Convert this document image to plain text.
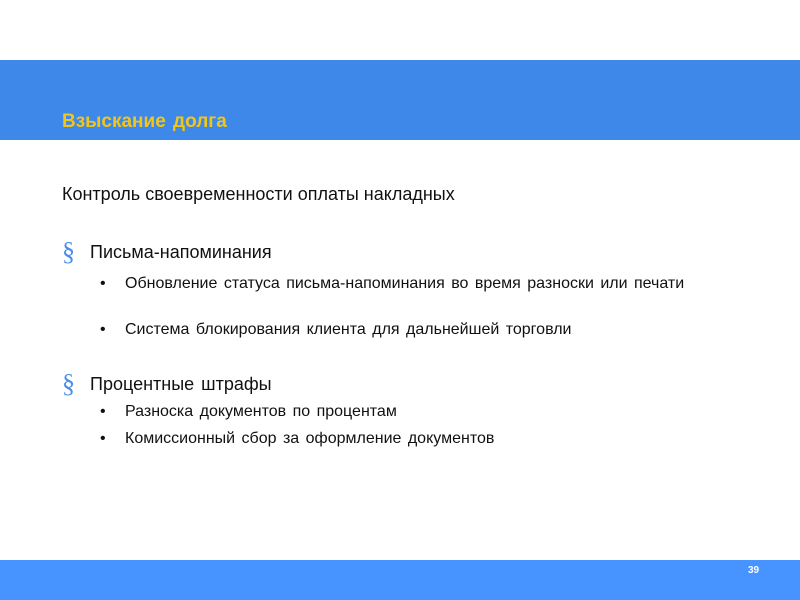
Взыскание долга
Контроль своевременности оплаты накладных
§ Письма-напоминания
• Обновление статуса письма-напоминания во время разноски или печати
• Система блокирования клиента для дальнейшей торговли
§ Процентные штрафы
• Разноска документов по процентам
• Комиссионный сбор за оформление документов
39
